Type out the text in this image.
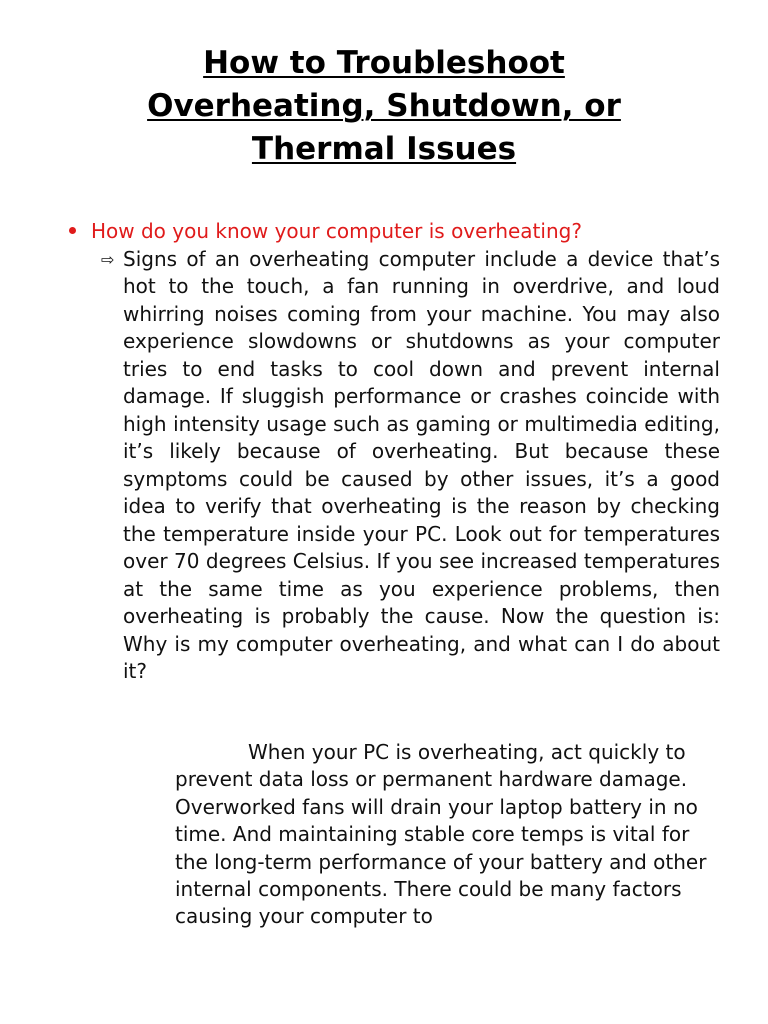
How to Troubleshoot
Overheating, Shutdown, or
Thermal Issues
How do you know your computer is overheating?

⇨ Signs of an overheating computer include a device that’s hot to the touch, a fan running in overdrive, and loud whirring noises coming from your machine. You may also experience slowdowns or shutdowns as your computer tries to end tasks to cool down and prevent internal damage. If sluggish performance or crashes coincide with high intensity usage such as gaming or multimedia editing, it’s likely because of overheating. But because these symptoms could be caused by other issues, it’s a good idea to verify that overheating is the reason by checking the temperature inside your PC. Look out for temperatures over 70 degrees Celsius. If you see increased temperatures at the same time as you experience problems, then overheating is probably the cause. Now the question is: Why is my computer overheating, and what can I do about it?

When your PC is overheating, act quickly to prevent data loss or permanent hardware damage. Overworked fans will drain your laptop battery in no time. And maintaining stable core temps is vital for the long-term performance of your battery and other internal components. There could be many factors causing your computer to
